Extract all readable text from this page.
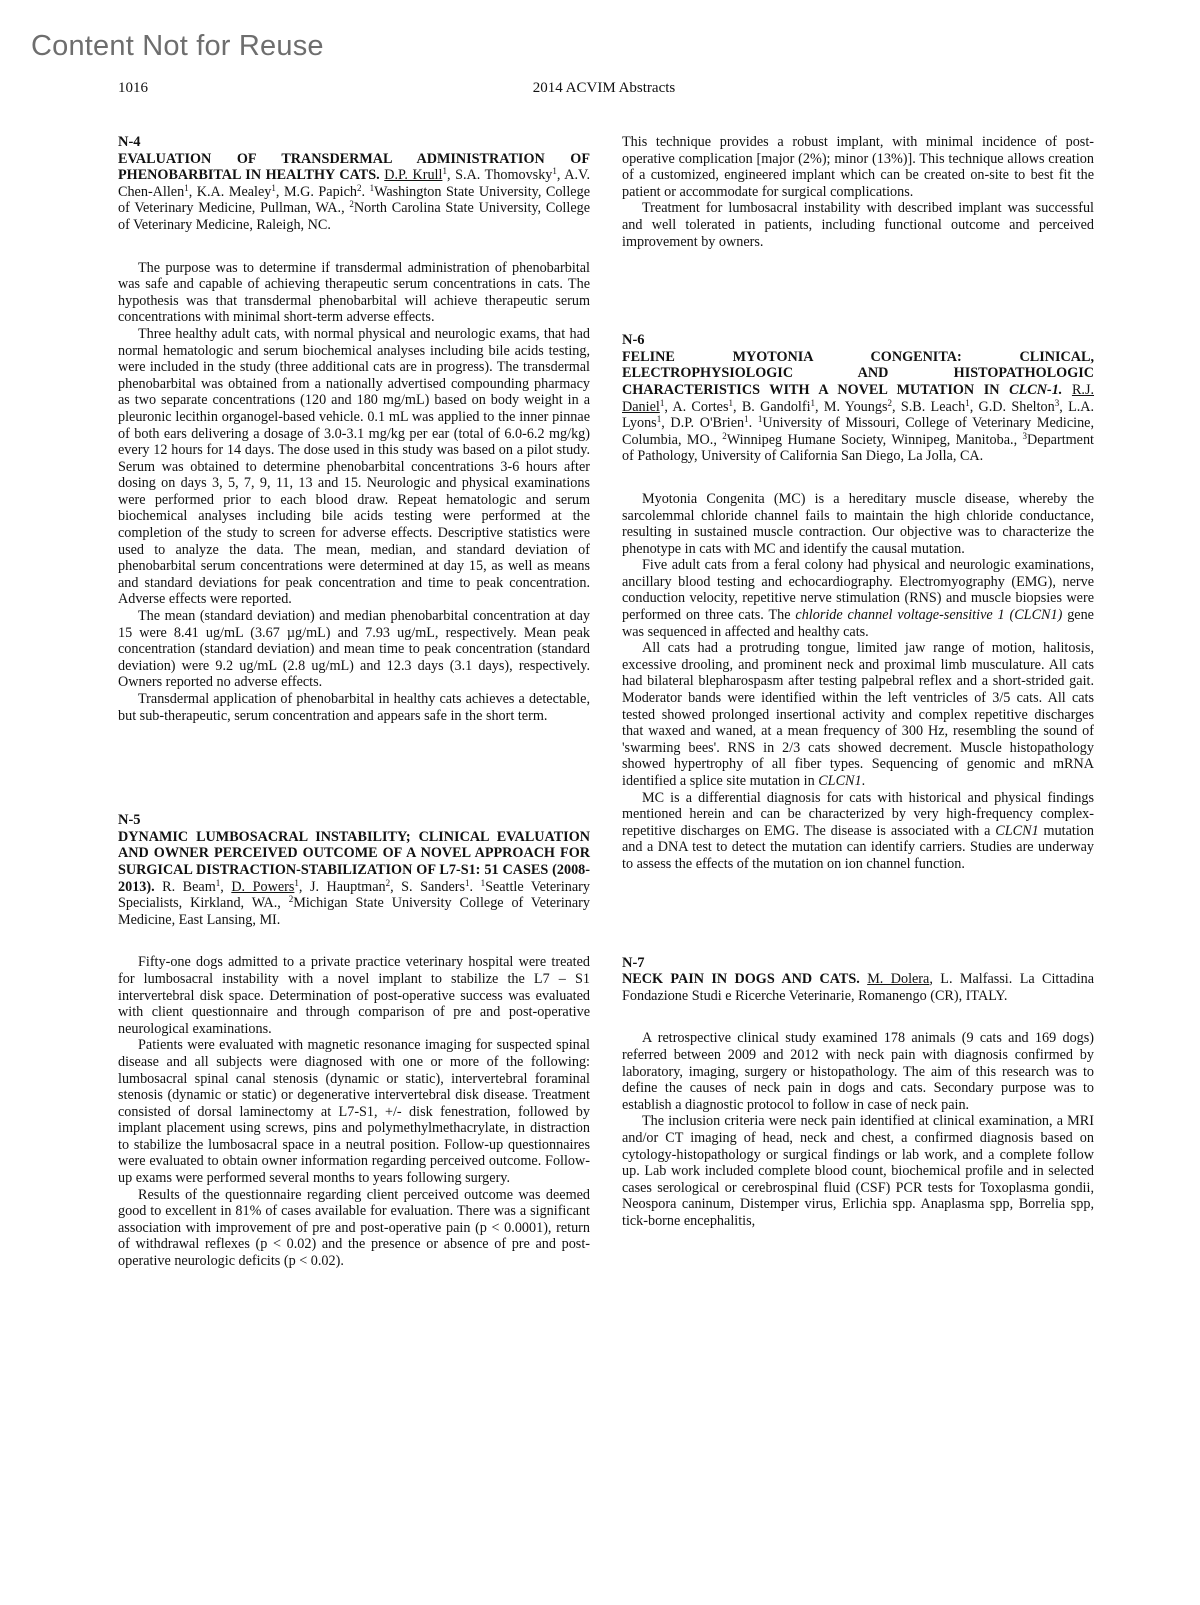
Content Not for Reuse
1016	2014 ACVIM Abstracts
N-4
EVALUATION OF TRANSDERMAL ADMINISTRATION OF PHENOBARBITAL IN HEALTHY CATS. D.P. Krull$^1$, S.A. Thomovsky$^1$, A.V. Chen-Allen$^1$, K.A. Mealey$^1$, M.G. Papich$^2$. $^1$Washington State University, College of Veterinary Medicine, Pullman, WA., $^2$North Carolina State University, College of Veterinary Medicine, Raleigh, NC.

The purpose was to determine if transdermal administration of phenobarbital was safe and capable of achieving therapeutic serum concentrations in cats. The hypothesis was that transdermal phenobarbital will achieve therapeutic serum concentrations with minimal short-term adverse effects.

Three healthy adult cats, with normal physical and neurologic exams, that had normal hematologic and serum biochemical analyses including bile acids testing, were included in the study (three additional cats are in progress). The transdermal phenobarbital was obtained from a nationally advertised compounding pharmacy as two separate concentrations (120 and 180 mg/mL) based on body weight in a pleuronic lecithin organogel-based vehicle. 0.1 mL was applied to the inner pinnae of both ears delivering a dosage of 3.0-3.1 mg/kg per ear (total of 6.0-6.2 mg/kg) every 12 hours for 14 days. The dose used in this study was based on a pilot study. Serum was obtained to determine phenobarbital concentrations 3-6 hours after dosing on days 3, 5, 7, 9, 11, 13 and 15. Neurologic and physical examinations were performed prior to each blood draw. Repeat hematologic and serum biochemical analyses including bile acids testing were performed at the completion of the study to screen for adverse effects. Descriptive statistics were used to analyze the data. The mean, median, and standard deviation of phenobarbital serum concentrations were determined at day 15, as well as means and standard deviations for peak concentration and time to peak concentration. Adverse effects were reported.

The mean (standard deviation) and median phenobarbital concentration at day 15 were 8.41 ug/mL (3.67 µg/mL) and 7.93 ug/mL, respectively. Mean peak concentration (standard deviation) and mean time to peak concentration (standard deviation) were 9.2 ug/mL (2.8 ug/mL) and 12.3 days (3.1 days), respectively. Owners reported no adverse effects.

Transdermal application of phenobarbital in healthy cats achieves a detectable, but sub-therapeutic, serum concentration and appears safe in the short term.

N-5
DYNAMIC LUMBOSACRAL INSTABILITY; CLINICAL EVALUATION AND OWNER PERCEIVED OUTCOME OF A NOVEL APPROACH FOR SURGICAL DISTRACTION-STABILIZATION OF L7-S1: 51 CASES (2008-2013). R. Beam$^1$, D. Powers$^1$, J. Hauptman$^2$, S. Sanders$^1$. $^1$Seattle Veterinary Specialists, Kirkland, WA., $^2$Michigan State University College of Veterinary Medicine, East Lansing, MI.

Fifty-one dogs admitted to a private practice veterinary hospital were treated for lumbosacral instability with a novel implant to stabilize the L7 – S1 intervertebral disk space. Determination of post-operative success was evaluated with client questionnaire and through comparison of pre and post-operative neurological examinations.

Patients were evaluated with magnetic resonance imaging for suspected spinal disease and all subjects were diagnosed with one or more of the following: lumbosacral spinal canal stenosis (dynamic or static), intervertebral foraminal stenosis (dynamic or static) or degenerative intervertebral disk disease. Treatment consisted of dorsal laminectomy at L7-S1, +/- disk fenestration, followed by implant placement using screws, pins and polymethylmethacrylate, in distraction to stabilize the lumbosacral space in a neutral position. Follow-up questionnaires were evaluated to obtain owner information regarding perceived outcome. Follow-up exams were performed several months to years following surgery.

Results of the questionnaire regarding client perceived outcome was deemed good to excellent in 81% of cases available for evaluation. There was a significant association with improvement of pre and post-operative pain (p < 0.0001), return of withdrawal reflexes (p < 0.02) and the presence or absence of pre and post-operative neurologic deficits (p < 0.02).

This technique provides a robust implant, with minimal incidence of post-operative complication [major (2%); minor (13%)]. This technique allows creation of a customized, engineered implant which can be created on-site to best fit the patient or accommodate for surgical complications.

Treatment for lumbosacral instability with described implant was successful and well tolerated in patients, including functional outcome and perceived improvement by owners.

N-6
FELINE MYOTONIA CONGENITA: CLINICAL, ELECTROPHYSIOLOGIC AND HISTOPATHOLOGIC CHARACTERISTICS WITH A NOVEL MUTATION IN CLCN-1. R.J. Daniel$^1$, A. Cortes$^1$, B. Gandolfi$^1$, M. Youngs$^2$, S.B. Leach$^1$, G.D. Shelton$^3$, L.A. Lyons$^1$, D.P. O'Brien$^1$. $^1$University of Missouri, College of Veterinary Medicine, Columbia, MO., $^2$Winnipeg Humane Society, Winnipeg, Manitoba., $^3$Department of Pathology, University of California San Diego, La Jolla, CA.

Myotonia Congenita (MC) is a hereditary muscle disease, whereby the sarcolemmal chloride channel fails to maintain the high chloride conductance, resulting in sustained muscle contraction. Our objective was to characterize the phenotype in cats with MC and identify the causal mutation.

Five adult cats from a feral colony had physical and neurologic examinations, ancillary blood testing and echocardiography. Electromyography (EMG), nerve conduction velocity, repetitive nerve stimulation (RNS) and muscle biopsies were performed on three cats. The chloride channel voltage-sensitive 1 (CLCN1) gene was sequenced in affected and healthy cats.

All cats had a protruding tongue, limited jaw range of motion, halitosis, excessive drooling, and prominent neck and proximal limb musculature. All cats had bilateral blepharospasm after testing palpebral reflex and a short-strided gait. Moderator bands were identified within the left ventricles of 3/5 cats. All cats tested showed prolonged insertional activity and complex repetitive discharges that waxed and waned, at a mean frequency of 300 Hz, resembling the sound of 'swarming bees'. RNS in 2/3 cats showed decrement. Muscle histopathology showed hypertrophy of all fiber types. Sequencing of genomic and mRNA identified a splice site mutation in CLCN1.

MC is a differential diagnosis for cats with historical and physical findings mentioned herein and can be characterized by very high-frequency complex-repetitive discharges on EMG. The disease is associated with a CLCN1 mutation and a DNA test to detect the mutation can identify carriers. Studies are underway to assess the effects of the mutation on ion channel function.

N-7
NECK PAIN IN DOGS AND CATS. M. Dolera, L. Malfassi. La Cittadina Fondazione Studi e Ricerche Veterinarie, Romanengo (CR), ITALY.

A retrospective clinical study examined 178 animals (9 cats and 169 dogs) referred between 2009 and 2012 with neck pain with diagnosis confirmed by laboratory, imaging, surgery or histopathology. The aim of this research was to define the causes of neck pain in dogs and cats. Secondary purpose was to establish a diagnostic protocol to follow in case of neck pain.

The inclusion criteria were neck pain identified at clinical examination, a MRI and/or CT imaging of head, neck and chest, a confirmed diagnosis based on cytology-histopathology or surgical findings or lab work, and a complete follow up. Lab work included complete blood count, biochemical profile and in selected cases serological or cerebrospinal fluid (CSF) PCR tests for Toxoplasma gondii, Neospora caninum, Distemper virus, Erlichia spp. Anaplasma spp, Borrelia spp, tick-borne encephalitis,
